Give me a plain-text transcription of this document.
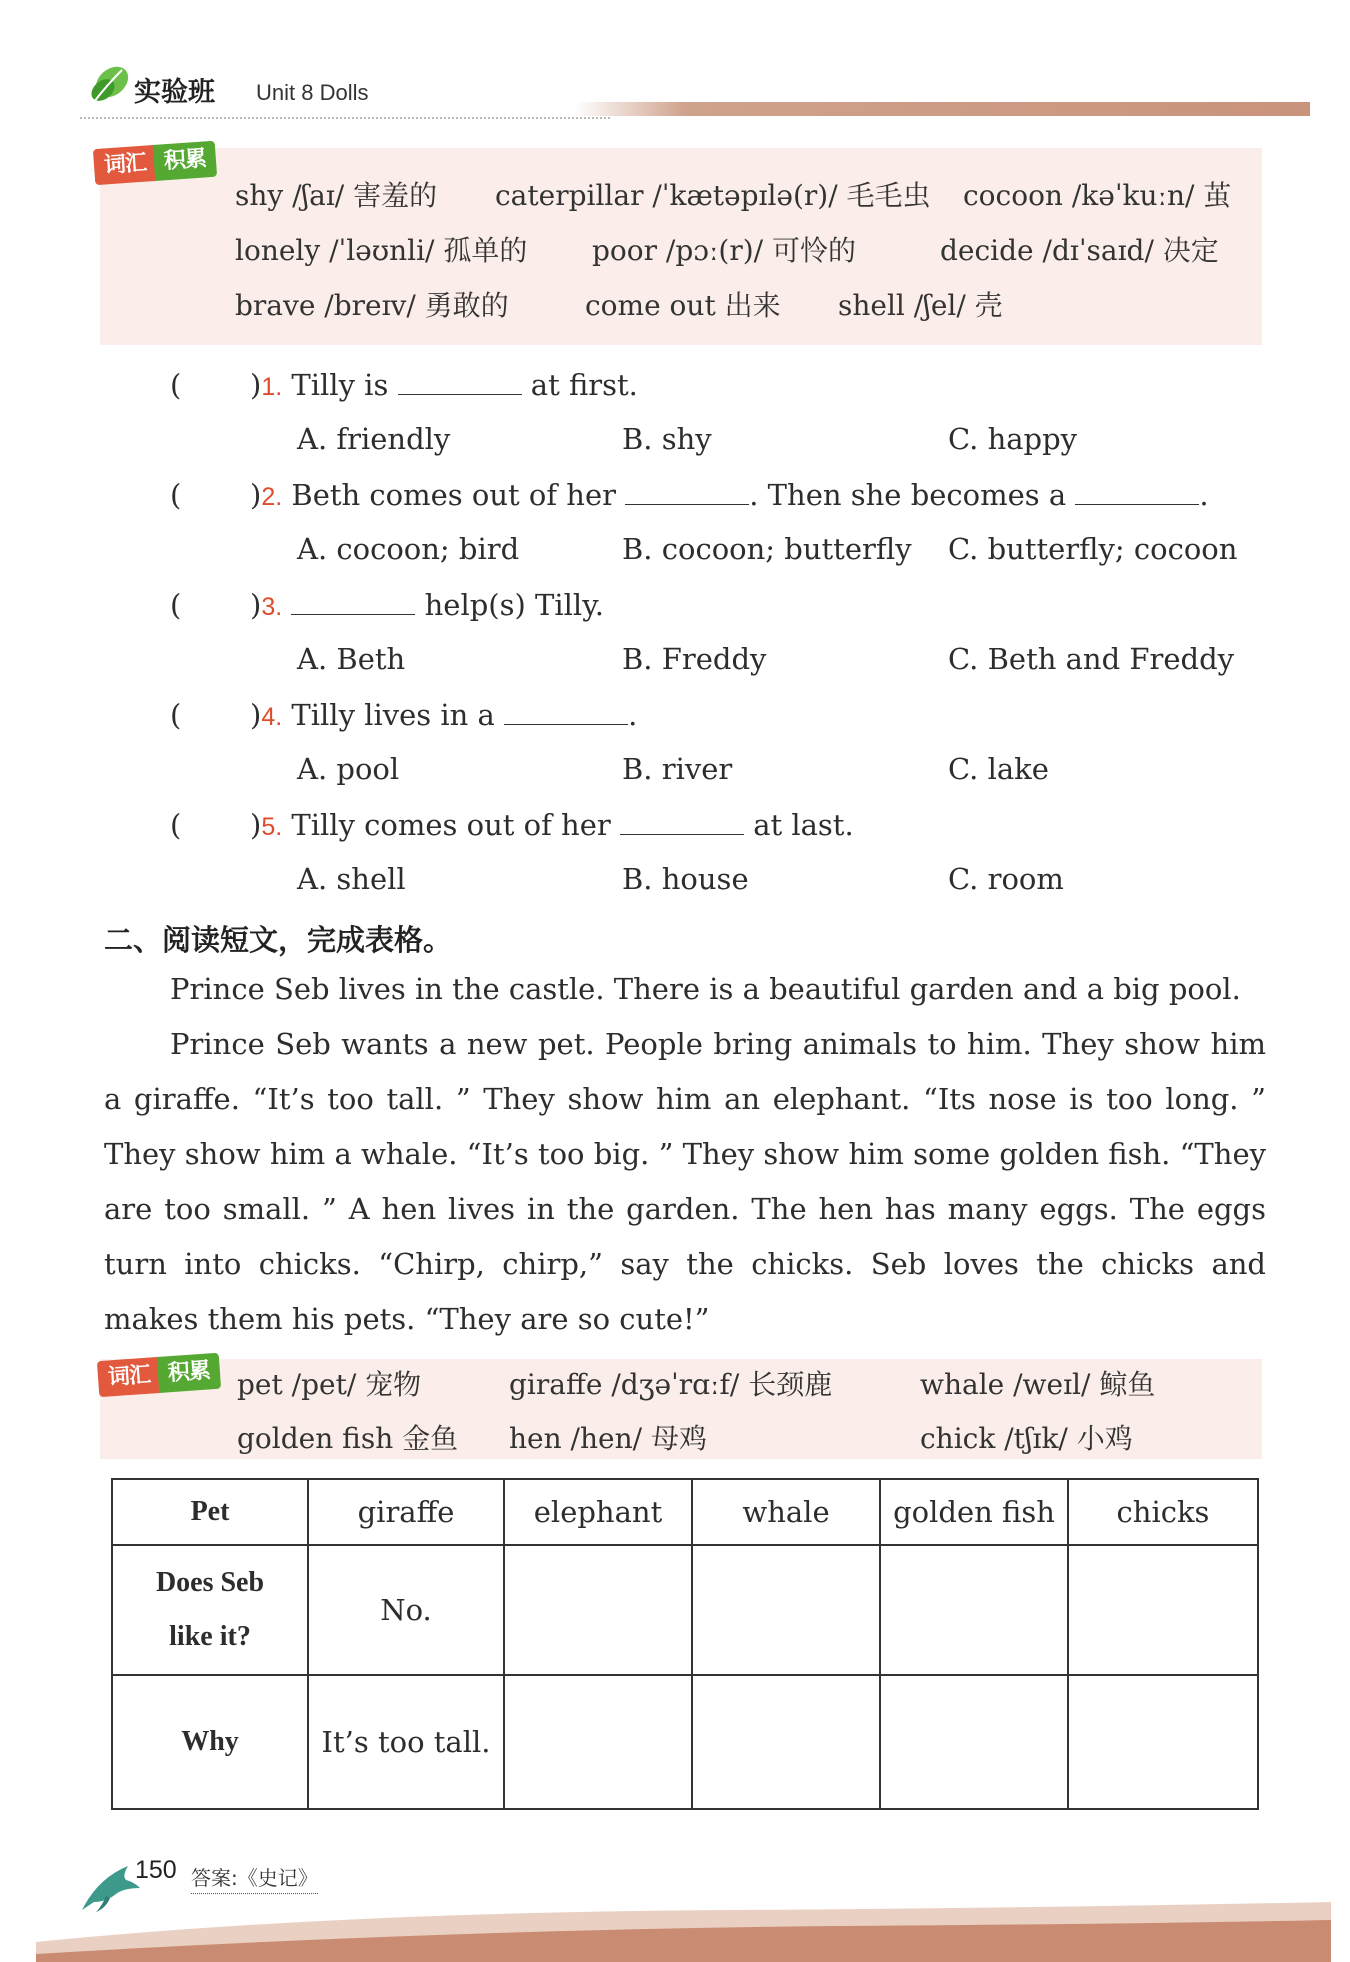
实验班 Unit 8 Dolls
词汇 积累
shy /ʃaɪ/ 害羞的 caterpillar /ˈkætəpɪlə(r)/ 毛毛虫 cocoon /kəˈkuːn/ 茧
lonely /ˈləʊnli/ 孤单的 poor /pɔː(r)/ 可怜的	decide /dɪˈsaɪd/ 决定
brave /breɪv/ 勇敢的	come out 出来 shell /ʃel/ 壳
( )1. Tilly is	at first.
A. friendly	B. shy	C. happy
( )2. Beth comes out of her	. Then she becomes a	.
A. cocoon; bird	B. cocoon; butterfly C. butterfly; cocoon
( )3.	help(s) Tilly.
A. Beth	B. Freddy	C. Beth and Freddy
( )4. Tilly lives in a	.
A. pool	B. river	C. lake
( )5. Tilly comes out of her	at last.
A. shell	B. house	C. room
二、阅读短文，完成表格。

Prince Seb lives in the castle. There is a beautiful garden and a big pool.

Prince Seb wants a new pet. People bring animals to him. They show him a giraffe. “It’s too tall. ” They show him an elephant. “Its nose is too long. ” They show him a whale. “It’s too big. ” They show him some golden fish. “They are too small. ” A hen lives in the garden. The hen has many eggs. The eggs turn into chicks. “Chirp, chirp,” say the chicks. Seb loves the chicks and makes them his pets. “They are so cute!”

词汇 积累 pet /pet/ 宠物	giraffe /dʒəˈrɑːf/ 长颈鹿	whale /weɪl/ 鲸鱼
golden fish 金鱼 hen /hen/ 母鸡	chick /tʃɪk/ 小鸡
Pet	giraffe	elephant	whale	golden fish	chicks
Does Seb
like it?	No.				
Why	It’s too tall.				
150 答案:《史记》
